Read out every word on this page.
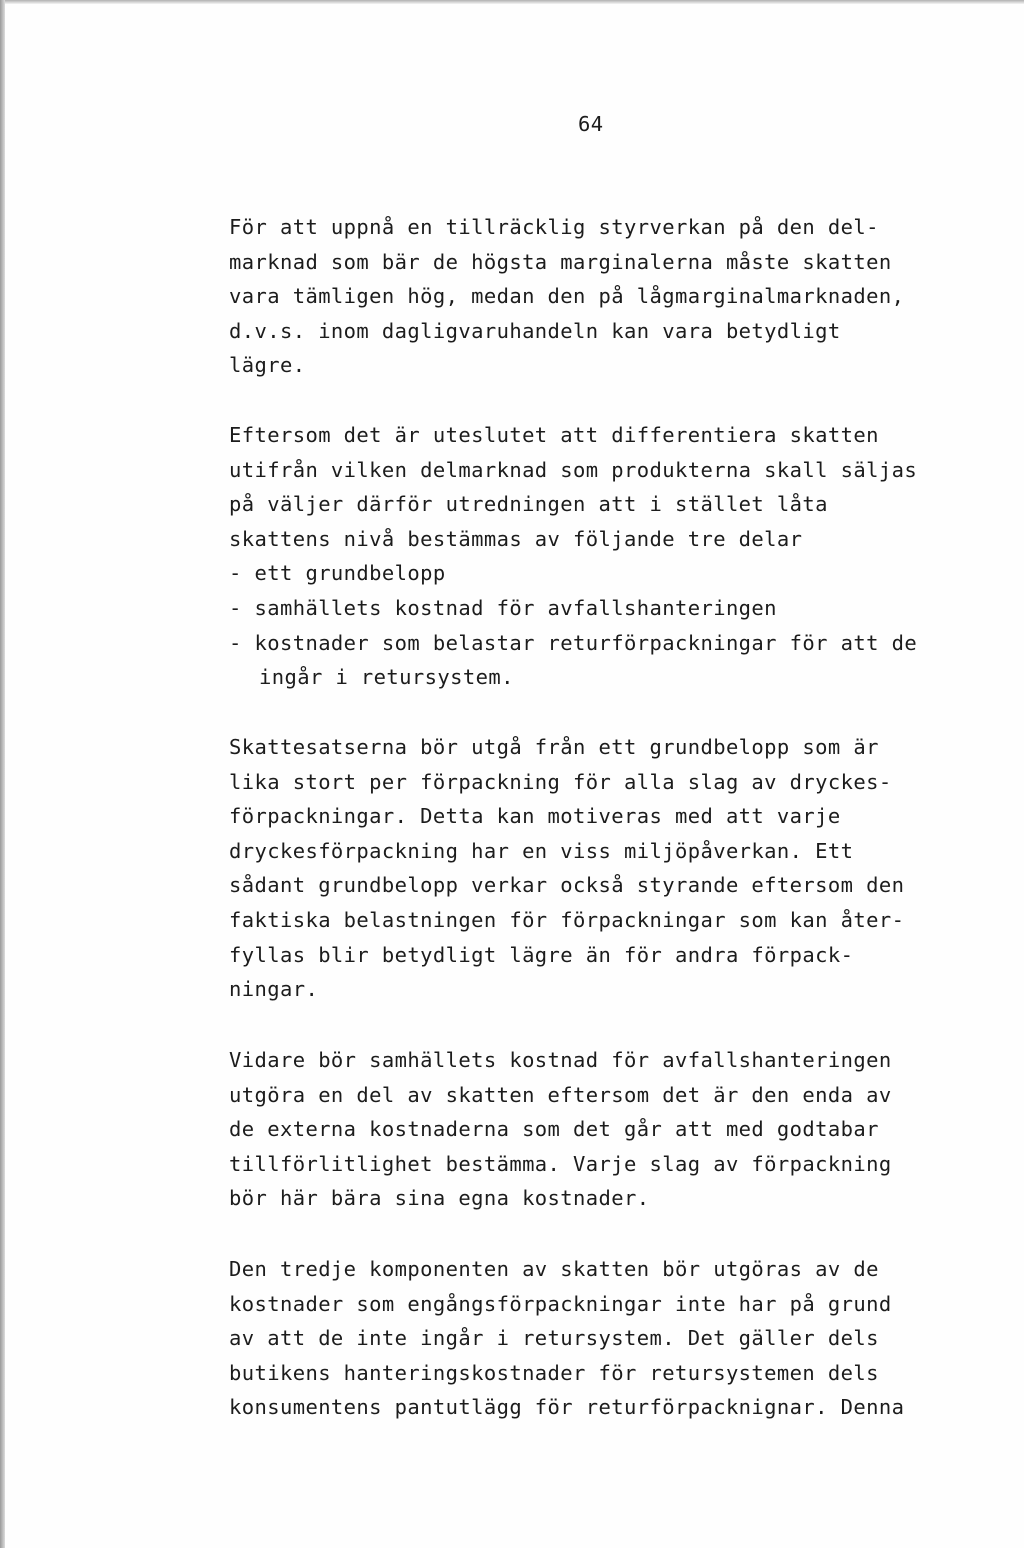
64
För att uppnå en tillräcklig styrverkan på den del-
marknad som bär de högsta marginalerna måste skatten
vara tämligen hög, medan den på lågmarginalmarknaden,
d.v.s. inom dagligvaruhandeln kan vara betydligt
lägre.
Eftersom det är uteslutet att differentiera skatten
utifrån vilken delmarknad som produkterna skall säljas
på väljer därför utredningen att i stället låta
skattens nivå bestämmas av följande tre delar
- ett grundbelopp
- samhällets kostnad för avfallshanteringen
- kostnader som belastar returförpackningar för att de
ingår i retursystem.
Skattesatserna bör utgå från ett grundbelopp som är
lika stort per förpackning för alla slag av dryckes-
förpackningar. Detta kan motiveras med att varje
dryckesförpackning har en viss miljöpåverkan. Ett
sådant grundbelopp verkar också styrande eftersom den
faktiska belastningen för förpackningar som kan åter-
fyllas blir betydligt lägre än för andra förpack-
ningar.
Vidare bör samhällets kostnad för avfallshanteringen
utgöra en del av skatten eftersom det är den enda av
de externa kostnaderna som det går att med godtabar
tillförlitlighet bestämma. Varje slag av förpackning
bör här bära sina egna kostnader.
Den tredje komponenten av skatten bör utgöras av de
kostnader som engångsförpackningar inte har på grund
av att de inte ingår i retursystem. Det gäller dels
butikens hanteringskostnader för retursystemen dels
konsumentens pantutlägg för returförpacknignar. Denna
